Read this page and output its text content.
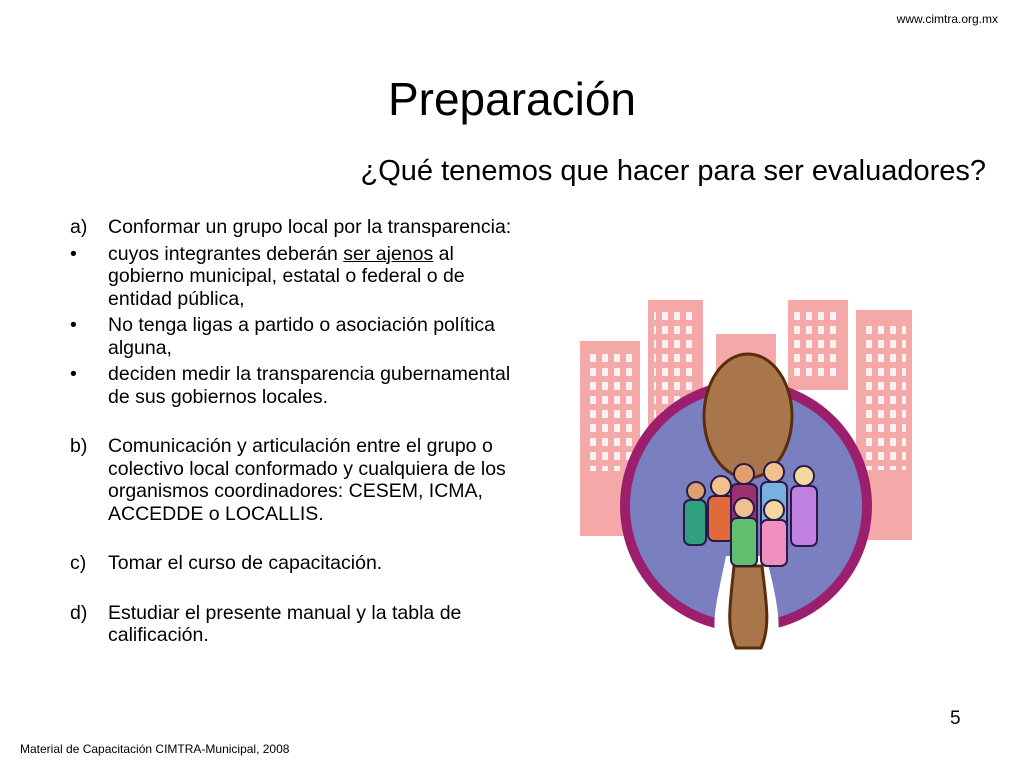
www.cimtra.org.mx
Preparación
¿Qué tenemos que hacer para ser evaluadores?
a)	Conformar un grupo local por la transparencia:
•	cuyos integrantes deberán ser ajenos al gobierno municipal, estatal o federal o de entidad pública,
•	No tenga ligas a partido o asociación política alguna,
•	deciden medir la transparencia gubernamental de sus gobiernos locales.
b)	Comunicación y articulación entre el grupo o colectivo local conformado y cualquiera de los organismos coordinadores: CESEM, ICMA, ACCEDDE o LOCALLIS.
c)	Tomar el curso de capacitación.
d)	Estudiar el presente manual y la tabla de calificación.
5
Material de Capacitación CIMTRA-Municipal, 2008
